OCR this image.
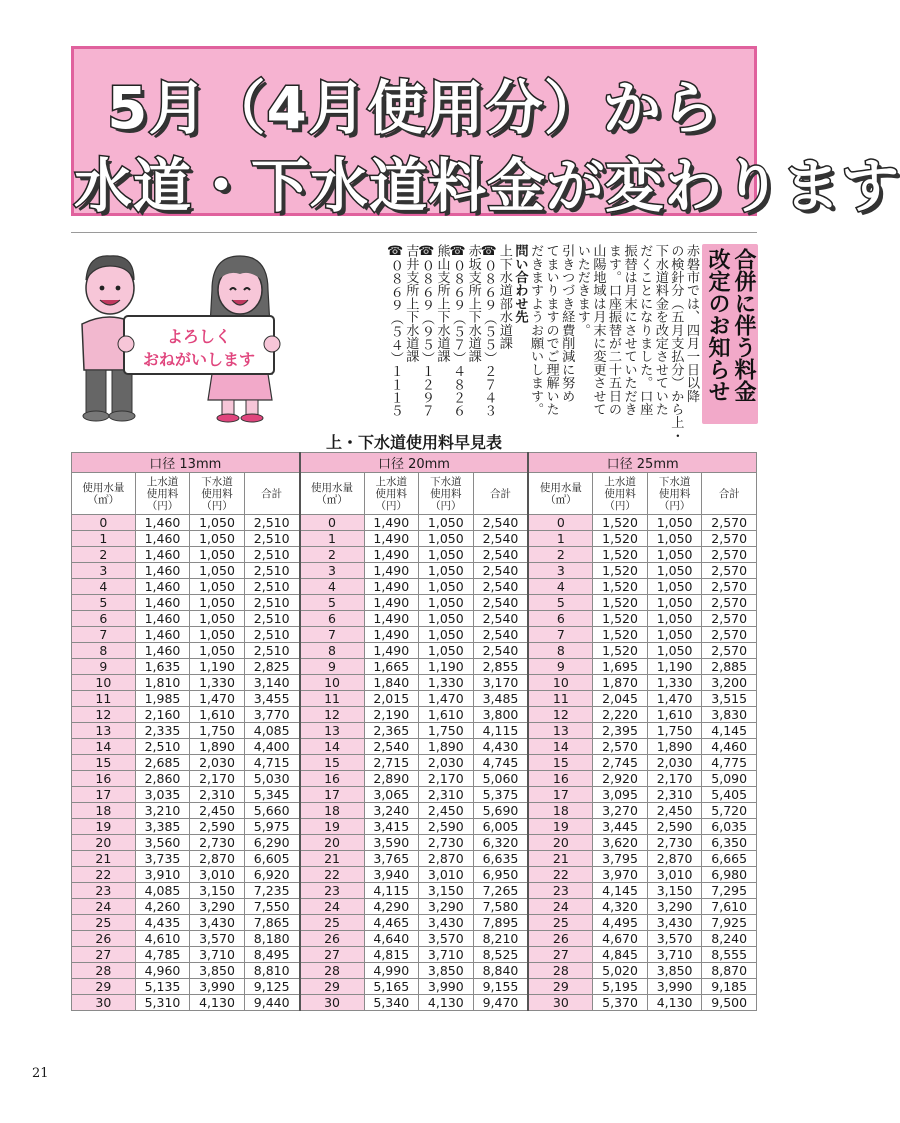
5月（4月使用分）から
水道・下水道料金が変わります
よろしく
おねがいします	赤磐市では、四月一日以降
の検針分（五月支払分）から上・
下水道料金を改定させていた
だくことになりました。口座
振替は月末にさせていただき
ます。口座振替が二十五日の
山陽地域は月末に変更させて
いただきます。
引きつづき経費削減に努め
てまいりますのでご理解いた
だきますようお願いします。
問い合わせ先
上下水道部水道課
☎０８６９（５５）２７４３
赤坂支所上下水道課
☎０８６９（５７）４８２６
熊山支所上下水道課
☎０８６９（９５）１２９７
吉井支所上下水道課
☎０８６９（５４）１１１５	合併に伴う料金改定のお知らせ
上・下水道使用料早見表
口径 13mm				口径 20mm				口径 25mm			

使用水量
（㎥）	上水道
使用料
（円）	下水道
使用料
（円）	合計	使用水量
（㎥）	上水道
使用料
（円）	下水道
使用料
（円）	合計	使用水量
（㎥）	上水道
使用料
（円）	下水道
使用料
（円）	合計

0	1,460	1,050	2,510	0	1,490	1,050	2,540	0	1,520	1,050	2,570
1	1,460	1,050	2,510	1	1,490	1,050	2,540	1	1,520	1,050	2,570
2	1,460	1,050	2,510	2	1,490	1,050	2,540	2	1,520	1,050	2,570
3	1,460	1,050	2,510	3	1,490	1,050	2,540	3	1,520	1,050	2,570
4	1,460	1,050	2,510	4	1,490	1,050	2,540	4	1,520	1,050	2,570
5	1,460	1,050	2,510	5	1,490	1,050	2,540	5	1,520	1,050	2,570
6	1,460	1,050	2,510	6	1,490	1,050	2,540	6	1,520	1,050	2,570
7	1,460	1,050	2,510	7	1,490	1,050	2,540	7	1,520	1,050	2,570
8	1,460	1,050	2,510	8	1,490	1,050	2,540	8	1,520	1,050	2,570
9	1,635	1,190	2,825	9	1,665	1,190	2,855	9	1,695	1,190	2,885
10	1,810	1,330	3,140	10	1,840	1,330	3,170	10	1,870	1,330	3,200
11	1,985	1,470	3,455	11	2,015	1,470	3,485	11	2,045	1,470	3,515
12	2,160	1,610	3,770	12	2,190	1,610	3,800	12	2,220	1,610	3,830
13	2,335	1,750	4,085	13	2,365	1,750	4,115	13	2,395	1,750	4,145
14	2,510	1,890	4,400	14	2,540	1,890	4,430	14	2,570	1,890	4,460
15	2,685	2,030	4,715	15	2,715	2,030	4,745	15	2,745	2,030	4,775
16	2,860	2,170	5,030	16	2,890	2,170	5,060	16	2,920	2,170	5,090
17	3,035	2,310	5,345	17	3,065	2,310	5,375	17	3,095	2,310	5,405
18	3,210	2,450	5,660	18	3,240	2,450	5,690	18	3,270	2,450	5,720
19	3,385	2,590	5,975	19	3,415	2,590	6,005	19	3,445	2,590	6,035
20	3,560	2,730	6,290	20	3,590	2,730	6,320	20	3,620	2,730	6,350
21	3,735	2,870	6,605	21	3,765	2,870	6,635	21	3,795	2,870	6,665
22	3,910	3,010	6,920	22	3,940	3,010	6,950	22	3,970	3,010	6,980
23	4,085	3,150	7,235	23	4,115	3,150	7,265	23	4,145	3,150	7,295
24	4,260	3,290	7,550	24	4,290	3,290	7,580	24	4,320	3,290	7,610
25	4,435	3,430	7,865	25	4,465	3,430	7,895	25	4,495	3,430	7,925
26	4,610	3,570	8,180	26	4,640	3,570	8,210	26	4,670	3,570	8,240
27	4,785	3,710	8,495	27	4,815	3,710	8,525	27	4,845	3,710	8,555
28	4,960	3,850	8,810	28	4,990	3,850	8,840	28	5,020	3,850	8,870
29	5,135	3,990	9,125	29	5,165	3,990	9,155	29	5,195	3,990	9,185
30	5,310	4,130	9,440	30	5,340	4,130	9,470	30	5,370	4,130	9,500
21
